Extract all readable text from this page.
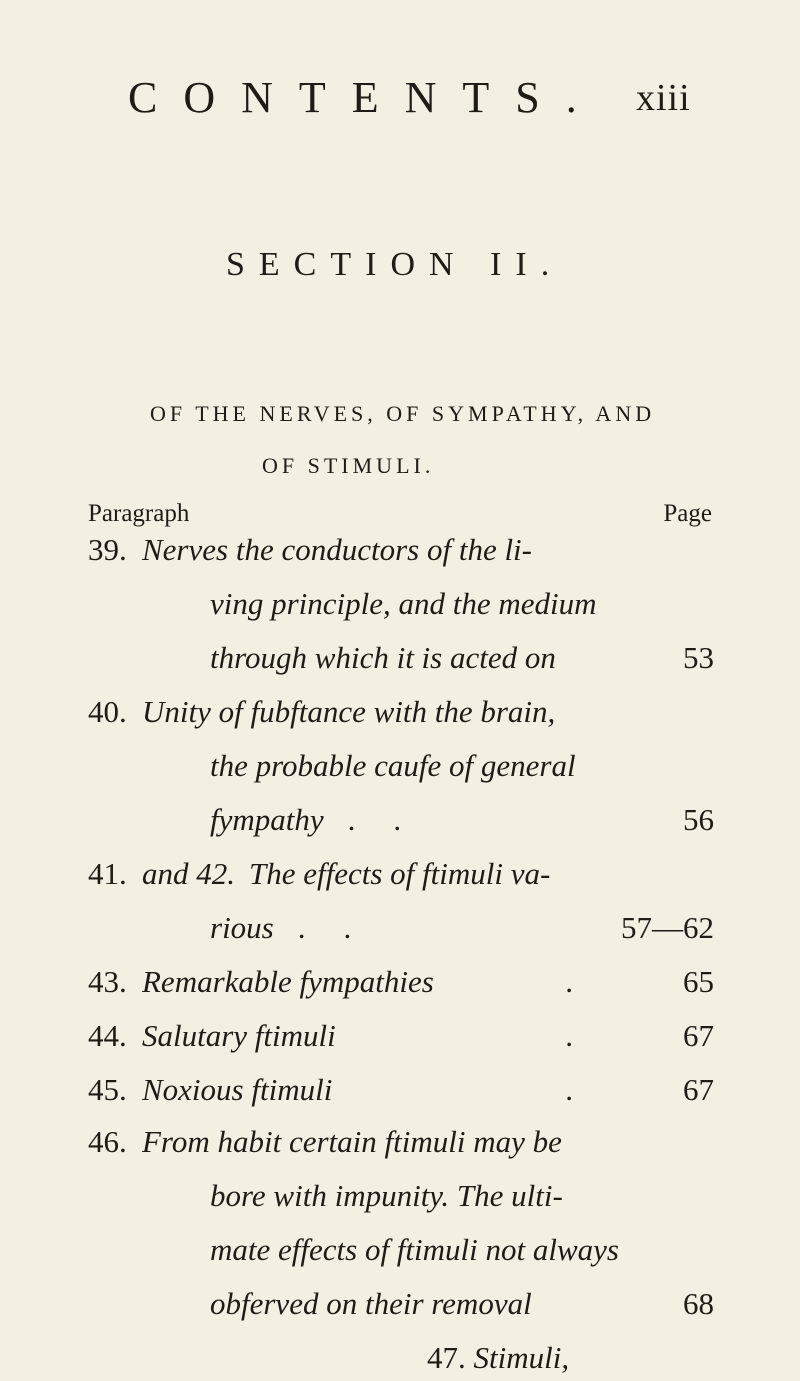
CONTENTS. xiii
SECTION II.
OF THE NERVES, OF SYMPATHY, AND
OF STIMULI.
Paragraph	Page
39. Nerves the conductors of the li-
ving principle, and the medium
through which it is acted on	53
40. Unity of fubftance with the brain,
the probable caufe of general
fympathy ..	56
41. and 42. The effects of ftimuli va-
rious ..	57—62
43. Remarkable fympathies	.	65
44. Salutary ftimuli	.	67
45. Noxious ftimuli	.	67
46. From habit certain ftimuli may be
bore with impunity. The ulti-
mate effects of ftimuli not always
obferved on their removal	68
47. Stimuli,
